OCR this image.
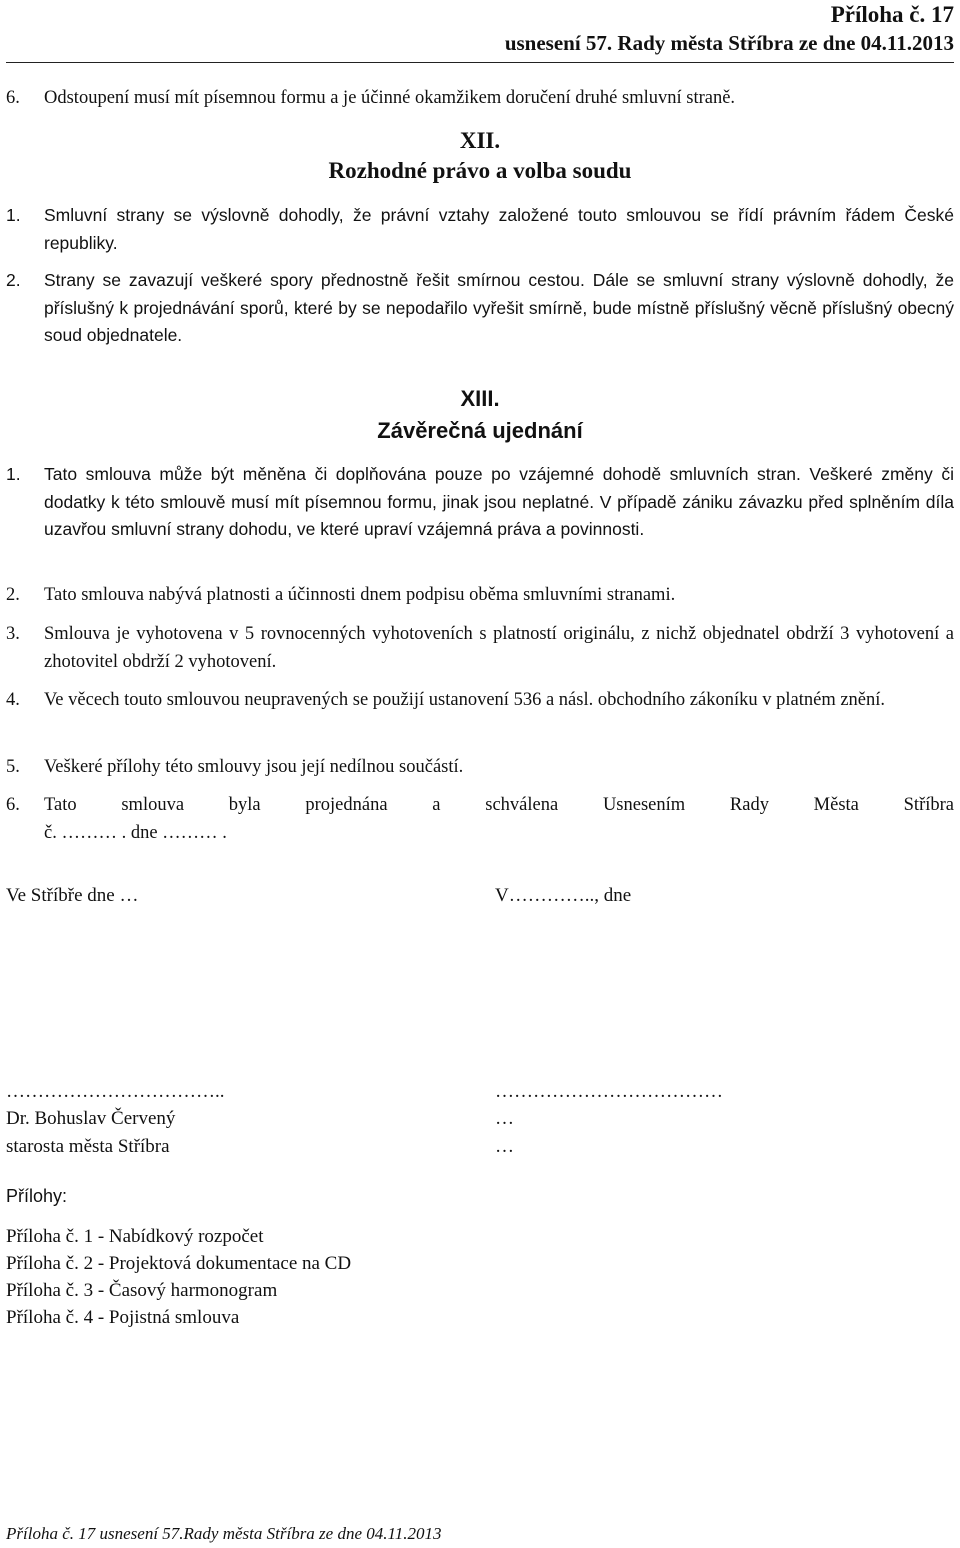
Příloha č. 17
usnesení 57. Rady města Stříbra ze dne 04.11.2013
6. Odstoupení musí mít písemnou formu a je účinné okamžikem doručení druhé smluvní straně.
XII.
Rozhodné právo a volba soudu
1. Smluvní strany se výslovně dohodly, že právní vztahy založené touto smlouvou se řídí právním řádem České republiky.
2. Strany se zavazují veškeré spory přednostně řešit smírnou cestou. Dále se smluvní strany výslovně dohodly, že příslušný k projednávání sporů, které by se nepodařilo vyřešit smírně, bude místně příslušný věcně příslušný obecný soud objednatele.
XIII.
Závěrečná ujednání
1. Tato smlouva může být měněna či doplňována pouze po vzájemné dohodě smluvních stran. Veškeré změny či dodatky k této smlouvě musí mít písemnou formu, jinak jsou neplatné. V případě zániku závazku před splněním díla uzavřou smluvní strany dohodu, ve které upraví vzájemná práva a povinnosti.
2. Tato smlouva nabývá platnosti a účinnosti dnem podpisu oběma smluvními stranami.
3. Smlouva je vyhotovena v 5 rovnocenných vyhotoveních s platností originálu, z nichž objednatel obdrží 3 vyhotovení a zhotovitel obdrží 2 vyhotovení.
4. Ve věcech touto smlouvou neupravených se použijí ustanovení 536 a násl. obchodního zákoníku v platném znění.
5. Veškeré přílohy této smlouvy jsou její nedílnou součástí.
6. Tato smlouva byla projednána a schválena Usnesením Rady Města Stříbra
č. ……… . dne ……… .
Ve Stříbře dne …	V………….., dne
……………………………..	………………………………
Dr. Bohuslav Červený	…
starosta města Stříbra	…
Přílohy:
Příloha č. 1 - Nabídkový rozpočet
Příloha č. 2 - Projektová dokumentace na CD
Příloha č. 3 - Časový harmonogram
Příloha č. 4 - Pojistná smlouva
Příloha č. 17 usnesení 57.Rady města Stříbra ze dne 04.11.2013
